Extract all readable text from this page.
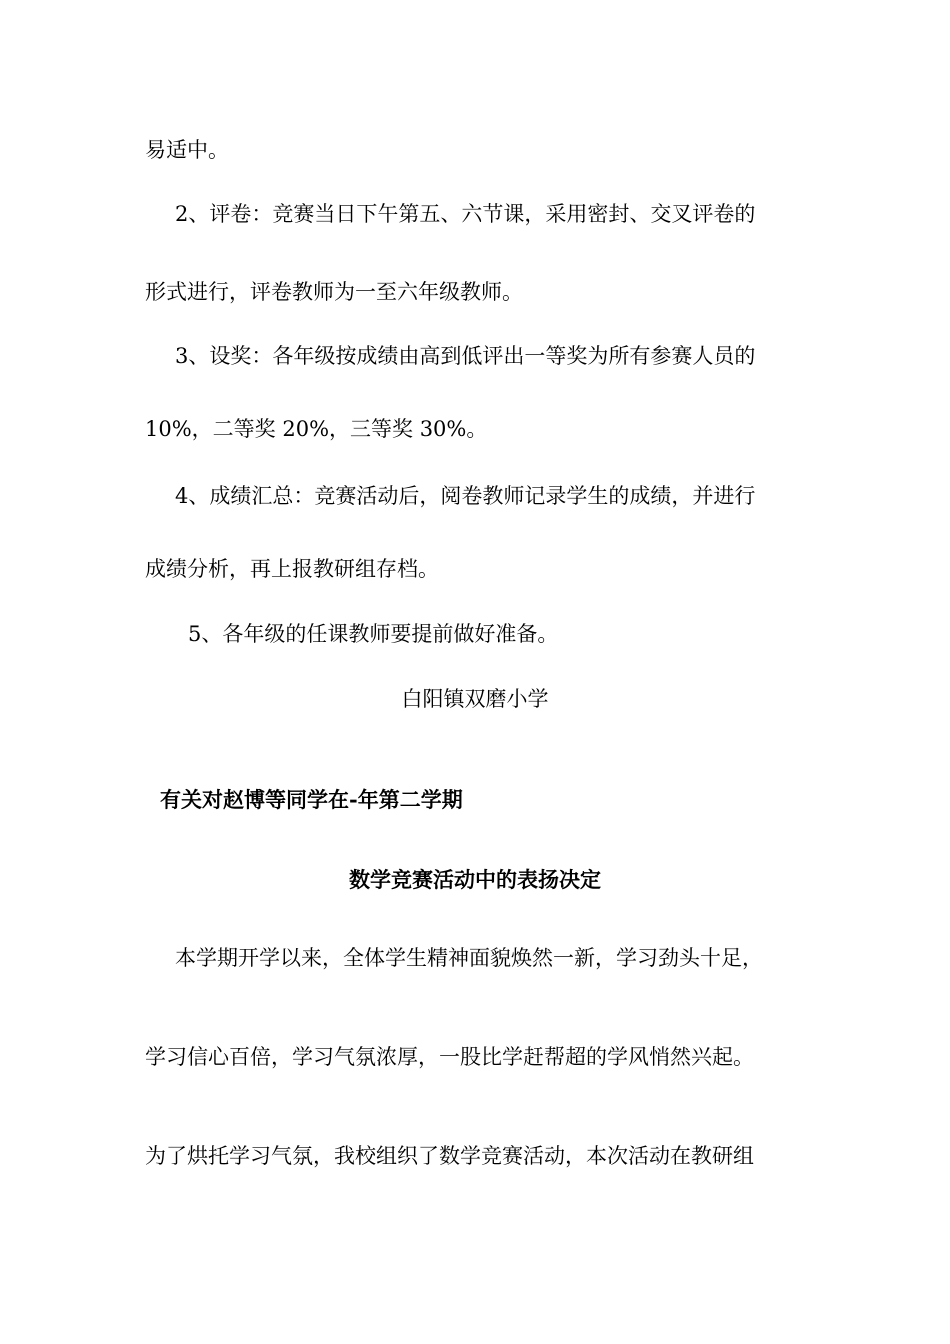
易适中。
2、评卷：竞赛当日下午第五、六节课，采用密封、交叉评卷的
形式进行，评卷教师为一至六年级教师。
3、设奖：各年级按成绩由高到低评出一等奖为所有参赛人员的
10%，二等奖 20%，三等奖 30%。
4、成绩汇总：竞赛活动后，阅卷教师记录学生的成绩，并进行
成绩分析，再上报教研组存档。
5、各年级的任课教师要提前做好准备。
白阳镇双磨小学
有关对赵博等同学在-年第二学期
数学竞赛活动中的表扬决定
本学期开学以来，全体学生精神面貌焕然一新，学习劲头十足，
学习信心百倍，学习气氛浓厚，一股比学赶帮超的学风悄然兴起。
为了烘托学习气氛，我校组织了数学竞赛活动，本次活动在教研组
